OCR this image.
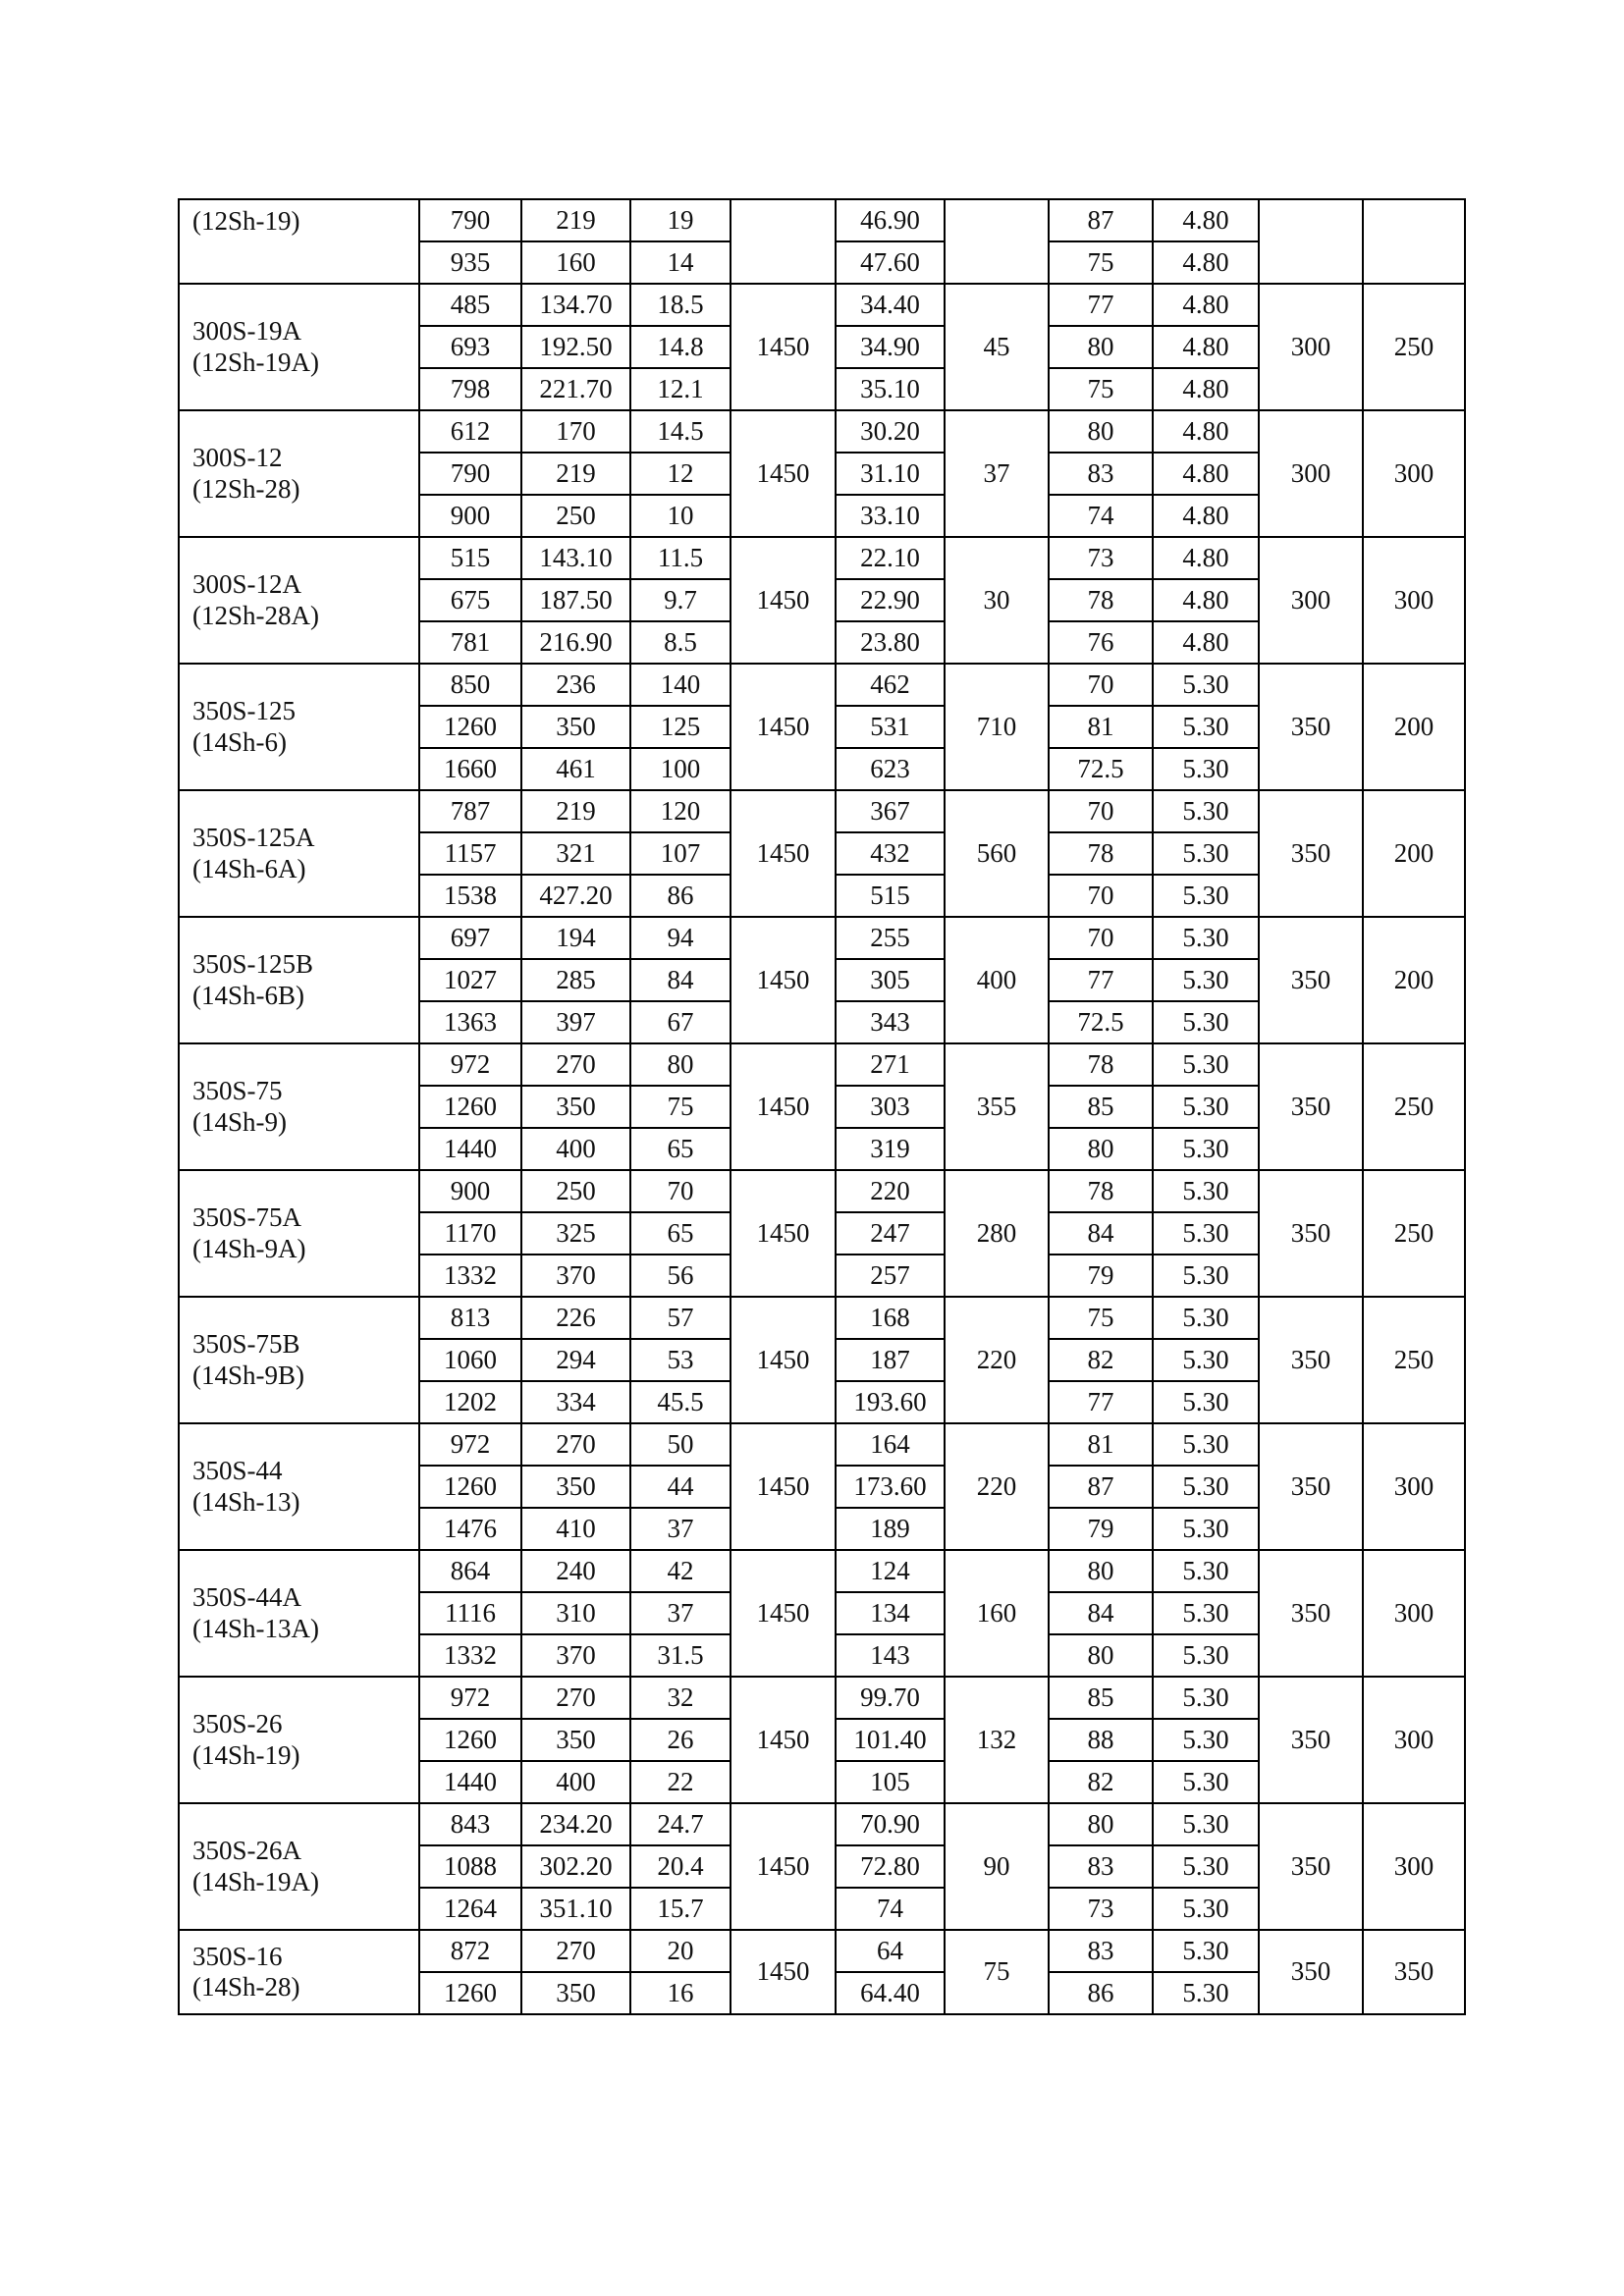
(12Sh-19)	790	219	19		46.90		87	4.80		
	935	160	14		47.60		75	4.80		

300S-19A
(12Sh-19A)	485	134.70	18.5	1450	34.40	45	77	4.80	300	250
	693	192.50	14.8		34.90		80	4.80		
	798	221.70	12.1		35.10		75	4.80		

300S-12
(12Sh-28)	612	170	14.5	1450	30.20	37	80	4.80	300	300
	790	219	12		31.10		83	4.80		
	900	250	10		33.10		74	4.80		

300S-12A
(12Sh-28A)	515	143.10	11.5	1450	22.10	30	73	4.80	300	300
	675	187.50	9.7		22.90		78	4.80		
	781	216.90	8.5		23.80		76	4.80		

350S-125
(14Sh-6)	850	236	140	1450	462	710	70	5.30	350	200
	1260	350	125		531		81	5.30		
	1660	461	100		623		72.5	5.30		

350S-125A
(14Sh-6A)	787	219	120	1450	367	560	70	5.30	350	200
	1157	321	107		432		78	5.30		
	1538	427.20	86		515		70	5.30		

350S-125B
(14Sh-6B)	697	194	94	1450	255	400	70	5.30	350	200
	1027	285	84		305		77	5.30		
	1363	397	67		343		72.5	5.30		

350S-75
(14Sh-9)	972	270	80	1450	271	355	78	5.30	350	250
	1260	350	75		303		85	5.30		
	1440	400	65		319		80	5.30		

350S-75A
(14Sh-9A)	900	250	70	1450	220	280	78	5.30	350	250
	1170	325	65		247		84	5.30		
	1332	370	56		257		79	5.30		

350S-75B
(14Sh-9B)	813	226	57	1450	168	220	75	5.30	350	250
	1060	294	53		187		82	5.30		
	1202	334	45.5		193.60		77	5.30		

350S-44
(14Sh-13)	972	270	50	1450	164	220	81	5.30	350	300
	1260	350	44		173.60		87	5.30		
	1476	410	37		189		79	5.30		

350S-44A
(14Sh-13A)	864	240	42	1450	124	160	80	5.30	350	300
	1116	310	37		134		84	5.30		
	1332	370	31.5		143		80	5.30		

350S-26
(14Sh-19)	972	270	32	1450	99.70	132	85	5.30	350	300
	1260	350	26		101.40		88	5.30		
	1440	400	22		105		82	5.30		

350S-26A
(14Sh-19A)	843	234.20	24.7	1450	70.90	90	80	5.30	350	300
	1088	302.20	20.4		72.80		83	5.30		
	1264	351.10	15.7		74		73	5.30		

350S-16
(14Sh-28)	872	270	20	1450	64	75	83	5.30	350	350
	1260	350	16		64.40		86	5.30		
